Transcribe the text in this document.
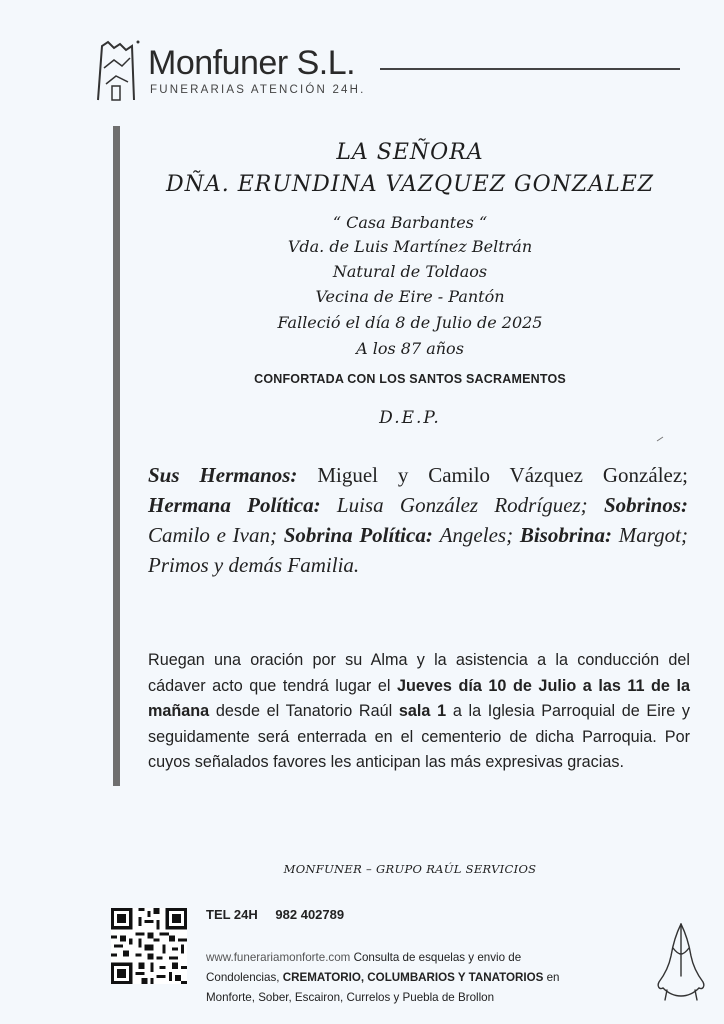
Monfuner S.L.
FUNERARIAS ATENCIÓN 24H.
LA SEÑORA
DÑA. ERUNDINA VAZQUEZ GONZALEZ
“ Casa Barbantes “
Vda. de Luis Martínez Beltrán
Natural de Toldaos
Vecina de Eire - Pantón
Falleció el día 8 de Julio de 2025
A los 87 años
CONFORTADA CON LOS SANTOS SACRAMENTOS
D.E.P.
Sus Hermanos: Miguel y Camilo Vázquez González; Hermana Política: Luisa González Rodríguez; Sobrinos: Camilo e Ivan; Sobrina Política: Angeles; Bisobrina: Margot; Primos y demás Familia.
Ruegan una oración por su Alma y la asistencia a la conducción del cádaver acto que tendrá lugar el Jueves día 10 de Julio a las 11 de la mañana desde el Tanatorio Raúl sala 1 a la Iglesia Parroquial de Eire y seguidamente será enterrada en el cementerio de dicha Parroquia. Por cuyos señalados favores les anticipan las más expresivas gracias.
MONFUNER – GRUPO RAÚL SERVICIOS
TEL 24H 982 402789
www.funerariamonforte.com Consulta de esquelas y envio de
Condolencias, CREMATORIO, COLUMBARIOS Y TANATORIOS en
Monforte, Sober, Escairon, Currelos y Puebla de Brollon
